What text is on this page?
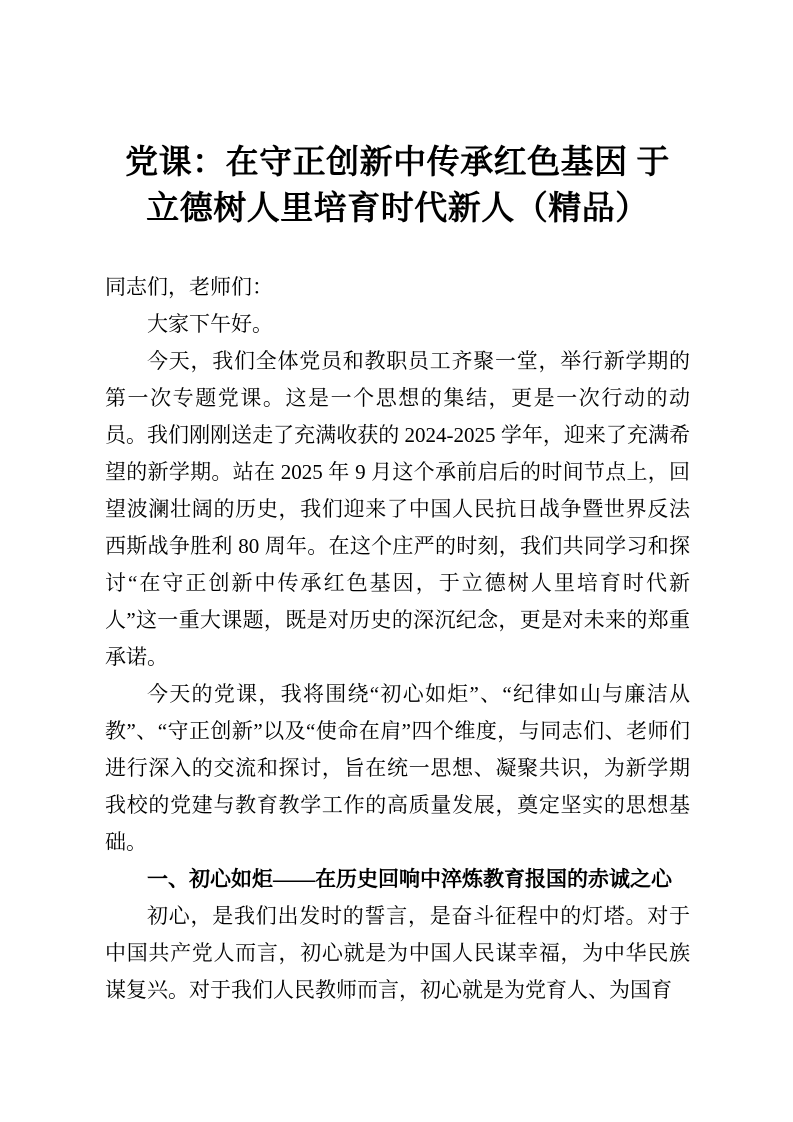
党课：在守正创新中传承红色基因 于
立德树人里培育时代新人（精品）

同志们，老师们：

大家下午好。

今天，我们全体党员和教职员工齐聚一堂，举行新学期的第一次专题党课。这是一个思想的集结，更是一次行动的动员。我们刚刚送走了充满收获的 2024-2025 学年，迎来了充满希望的新学期。站在 2025 年 9 月这个承前启后的时间节点上，回望波澜壮阔的历史，我们迎来了中国人民抗日战争暨世界反法西斯战争胜利 80 周年。在这个庄严的时刻，我们共同学习和探讨“在守正创新中传承红色基因，于立德树人里培育时代新人”这一重大课题，既是对历史的深沉纪念，更是对未来的郑重承诺。

今天的党课，我将围绕“初心如炬”、“纪律如山与廉洁从教”、“守正创新”以及“使命在肩”四个维度，与同志们、老师们进行深入的交流和探讨，旨在统一思想、凝聚共识，为新学期我校的党建与教育教学工作的高质量发展，奠定坚实的思想基础。

一、初心如炬——在历史回响中淬炼教育报国的赤诚之心

初心，是我们出发时的誓言，是奋斗征程中的灯塔。对于中国共产党人而言，初心就是为中国人民谋幸福，为中华民族谋复兴。对于我们人民教师而言，初心就是为党育人、为国育
